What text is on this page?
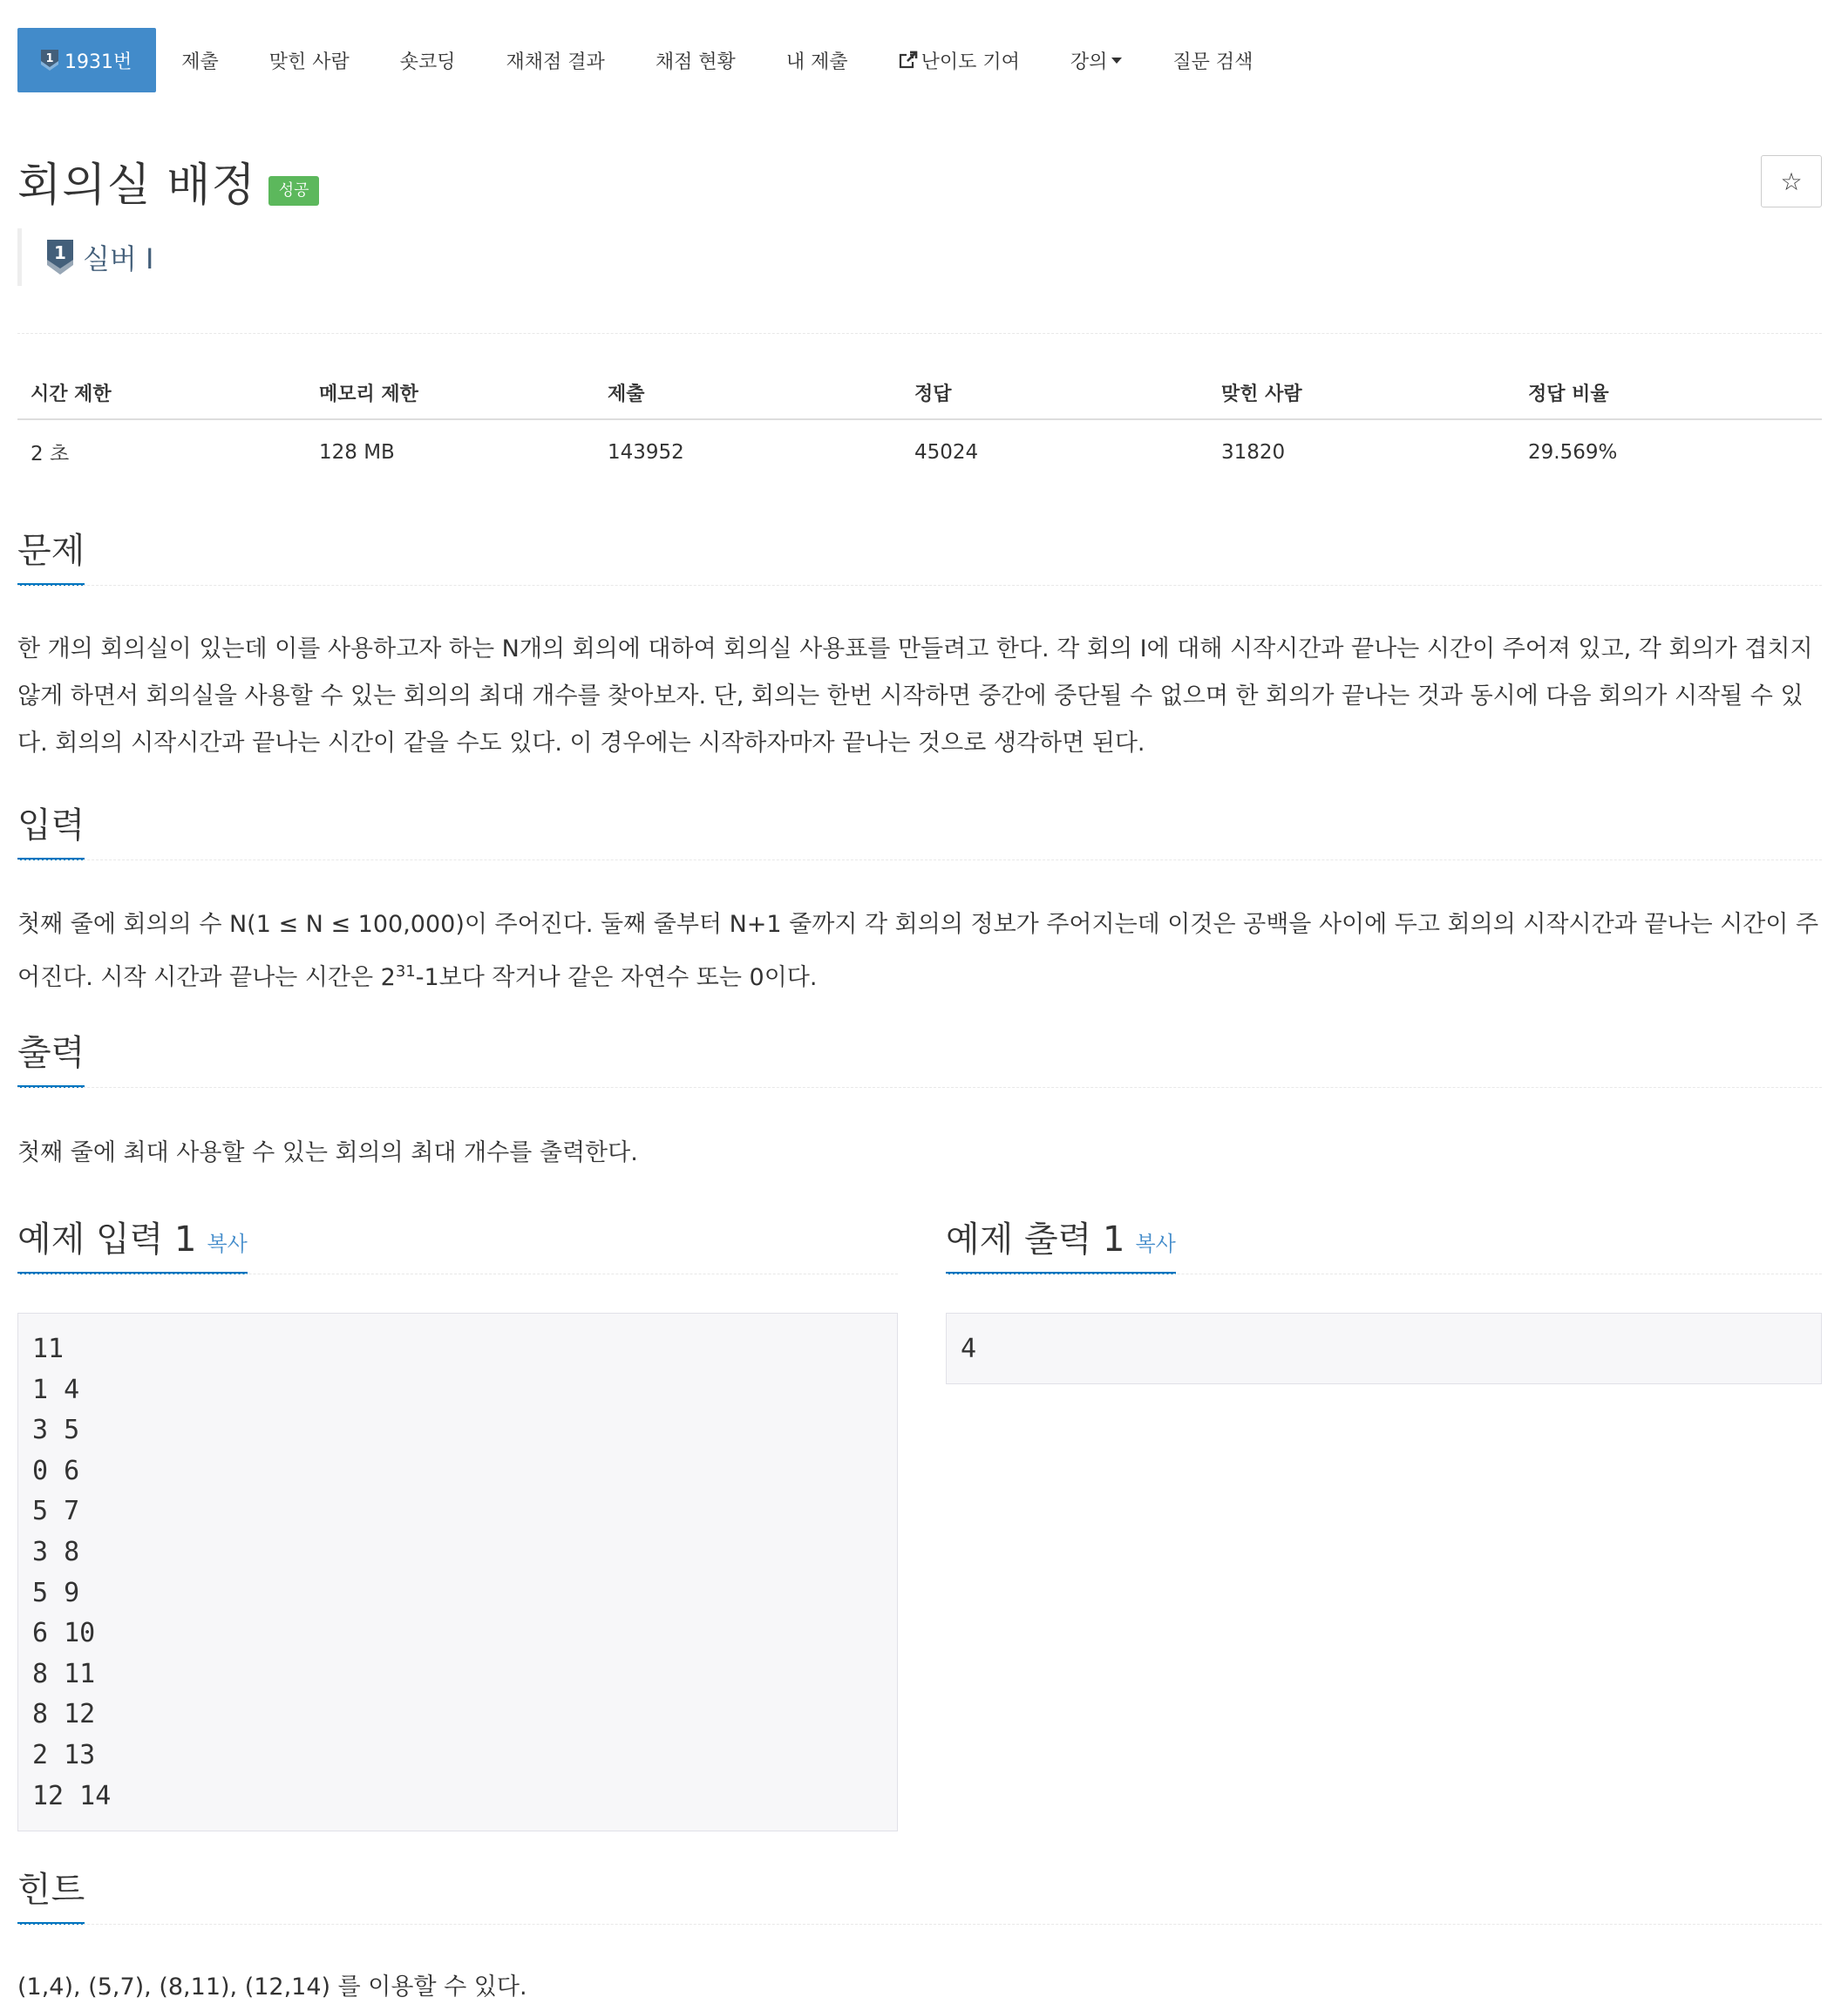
1 1931번	제출	맞힌 사람	숏코딩	재채점 결과	채점 현황	내 제출	난이도 기여	강의	질문 검색
회의실 배정	성공	☆
1 실버 I
시간 제한	메모리 제한	제출	정답	맞힌 사람	정답 비율
2 초	128 MB	143952	45024	31820	29.569%
문제
한 개의 회의실이 있는데 이를 사용하고자 하는 N개의 회의에 대하여 회의실 사용표를 만들려고 한다. 각 회의 I에 대해 시작시간과 끝나는 시간이 주어져 있고, 각 회의가 겹치지 않게 하면서 회의실을 사용할 수 있는 회의의 최대 개수를 찾아보자. 단, 회의는 한번 시작하면 중간에 중단될 수 없으며 한 회의가 끝나는 것과 동시에 다음 회의가 시작될 수 있다. 회의의 시작시간과 끝나는 시간이 같을 수도 있다. 이 경우에는 시작하자마자 끝나는 것으로 생각하면 된다.
입력
첫째 줄에 회의의 수 N(1 ≤ N ≤ 100,000)이 주어진다. 둘째 줄부터 N+1 줄까지 각 회의의 정보가 주어지는데 이것은 공백을 사이에 두고 회의의 시작시간과 끝나는 시간이 주어진다. 시작 시간과 끝나는 시간은 $2^{31}-1$보다 작거나 같은 자연수 또는 0이다.
출력
첫째 줄에 최대 사용할 수 있는 회의의 최대 개수를 출력한다.
예제 입력 1 복사
11
1 4
3 5
0 6
5 7
3 8
5 9
6 10
8 11
8 12
2 13
12 14
예제 출력 1 복사
4
힌트
(1,4), (5,7), (8,11), (12,14) 를 이용할 수 있다.
